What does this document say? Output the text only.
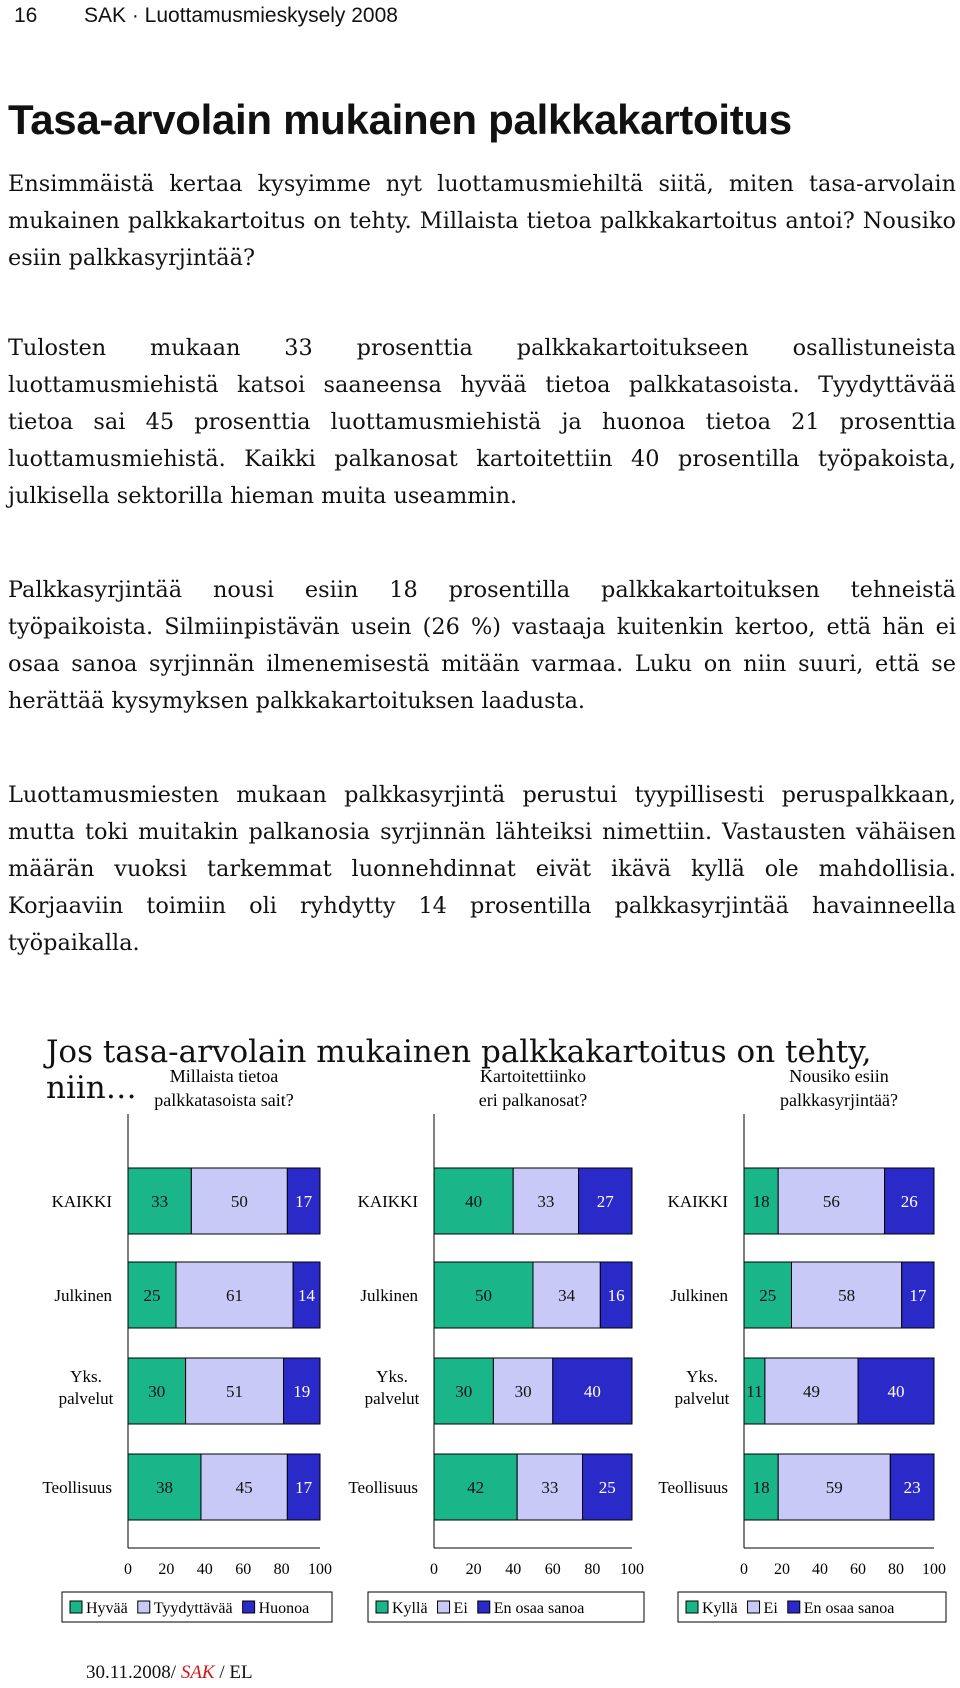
16 SAK · Luottamusmieskysely 2008
Tasa-arvolain mukainen palkkakartoitus

Ensimmäistä kertaa kysyimme nyt luottamusmiehiltä siitä, miten tasa-arvolain mukainen palkkakartoitus on tehty. Millaista tietoa palkkakartoitus antoi? Nousiko esiin palkkasyrjintää?

Tulosten mukaan 33 prosenttia palkkakartoitukseen osallistuneista luottamusmiehistä katsoi saaneensa hyvää tietoa palkkatasoista. Tyydyttävää tietoa sai 45 prosenttia luottamusmiehistä ja huonoa tietoa 21 prosenttia luottamusmiehistä. Kaikki palkanosat kartoitettiin 40 prosentilla työpakoista, julkisella sektorilla hieman muita useammin.

Palkkasyrjintää nousi esiin 18 prosentilla palkkakartoituksen tehneistä työpaikoista. Silmiinpistävän usein (26 %) vastaaja kuitenkin kertoo, että hän ei osaa sanoa syrjinnän ilmenemisestä mitään varmaa. Luku on niin suuri, että se herättää kysymyksen palkkakartoituksen laadusta.

Luottamusmiesten mukaan palkkasyrjintä perustui tyypillisesti peruspalkkaan, mutta toki muitakin palkanosia syrjinnän lähteiksi nimettiin. Vastausten vähäisen määrän vuoksi tarkemmat luonnehdinnat eivät ikävä kyllä ole mahdollisia. Korjaaviin toimiin oli ryhdytty 14 prosentilla palkkasyrjintää havainneella työpaikalla.

Jos tasa-arvolain mukainen palkkakartoitus on tehty, niin…	Millaista tietoa
palkkatasoista sait?
KAIKKI 33	50	17
Julkinen 25	61	14
Yks.
palvelut 30	51	19
Teollisuus	38	45	17
0 20 40 60 80 100
Hyvää Tyydyttävää Huonoa
Kartoitettiinko
eri palkanosat?
KAIKKI	40	33 27
Julkinen	50	34 16
Yks.
palvelut 30 30	40
Teollisuus	42	33 25
0 20 40 60 80 100
Kyllä Ei En osaa sanoa
Nousiko esiin
palkkasyrjintää?
KAIKKI 18	56	26
Julkinen 25	58	17
Yks.
palvelut 11 49	40
Teollisuus 18	59	23
0 20 40 60 80 100
Kyllä Ei En osaa sanoa
30.11.2008/ SAK / EL
